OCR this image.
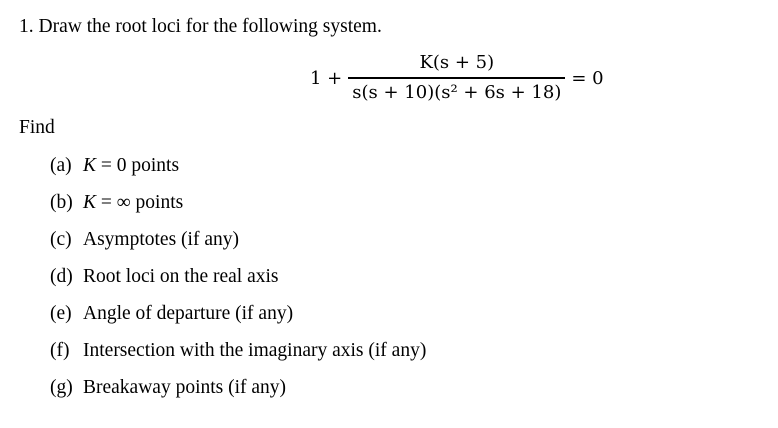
1. Draw the root loci for the following system.
$1 + \frac{K(s + 5)}{\text{s(s + 10)(s² + 6s + 18)}} = 0$
Find
(a) K = 0 points
(b) K = ∞ points
(c) Asymptotes (if any)
(d) Root loci on the real axis
(e) Angle of departure (if any)
(f) Intersection with the imaginary axis (if any)
(g) Breakaway points (if any)
